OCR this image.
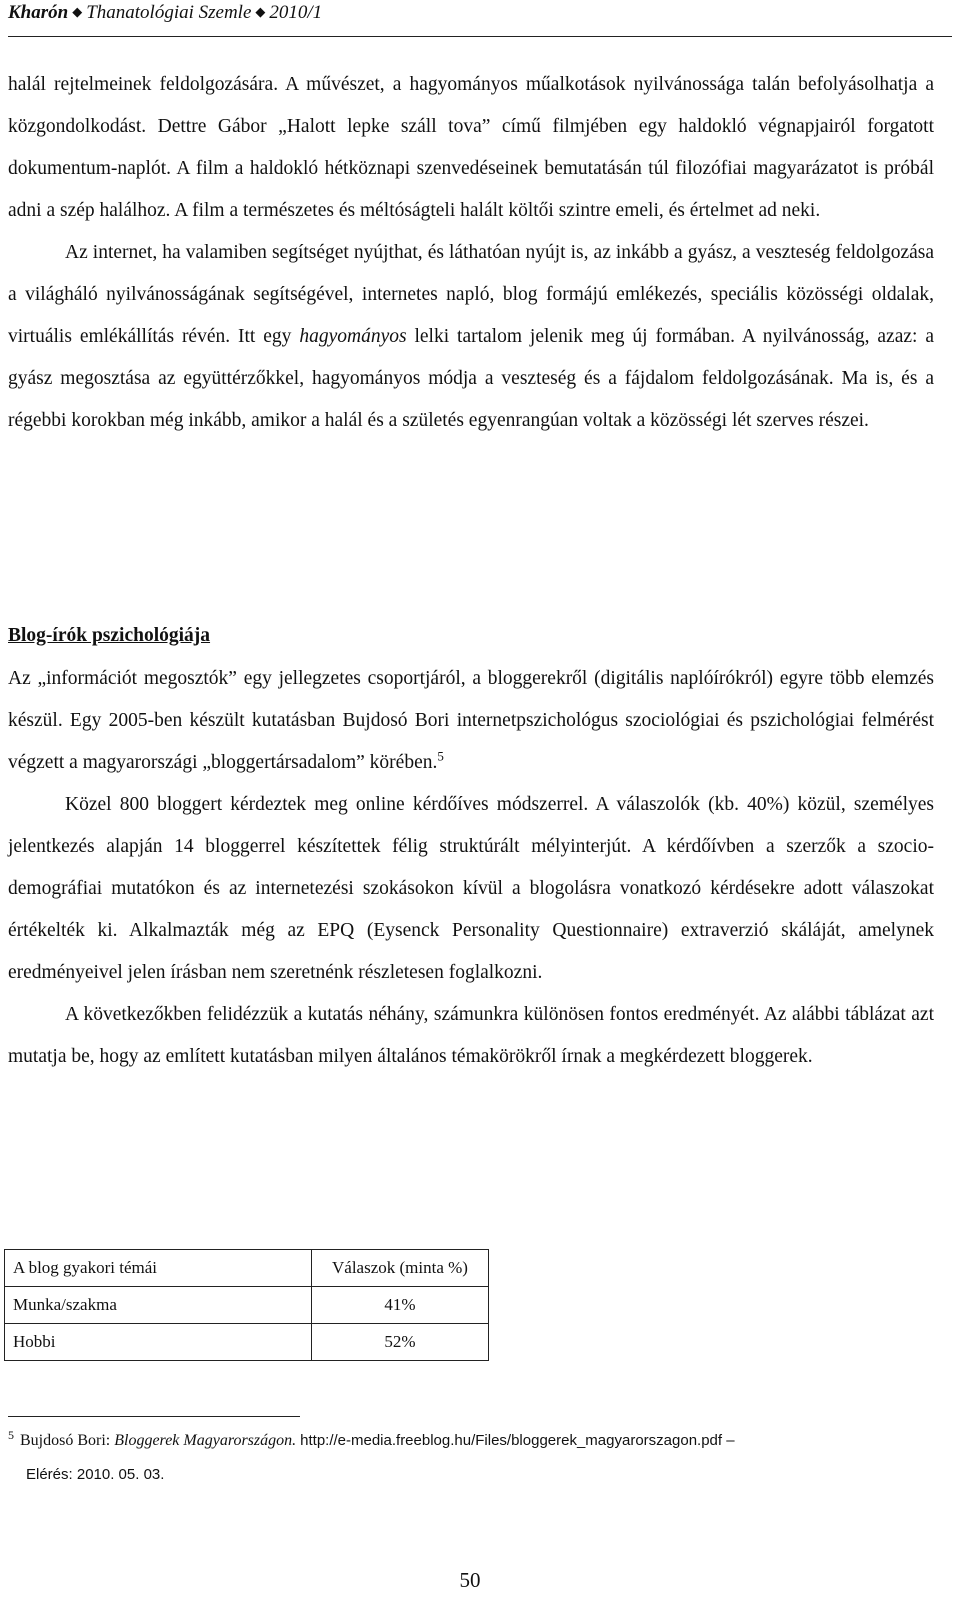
Kharón ◆ Thanatológiai Szemle ◆ 2010/1

halál rejtelmeinek feldolgozására. A művészet, a hagyományos műalkotások nyilvánossága talán befolyásolhatja a közgondolkodást. Dettre Gábor „Halott lepke száll tova” című filmjében egy haldokló végnapjairól forgatott dokumentum-naplót. A film a haldokló hétköznapi szenvedéseinek bemutatásán túl filozófiai magyarázatot is próbál adni a szép halálhoz. A film a természetes és méltóságteli halált költői szintre emeli, és értelmet ad neki.

Az internet, ha valamiben segítséget nyújthat, és láthatóan nyújt is, az inkább a gyász, a veszteség feldolgozása a világháló nyilvánosságának segítségével, internetes napló, blog formájú emlékezés, speciális közösségi oldalak, virtuális emlékállítás révén. Itt egy hagyományos lelki tartalom jelenik meg új formában. A nyilvánosság, azaz: a gyász megosztása az együttérzőkkel, hagyományos módja a veszteség és a fájdalom feldolgozásának. Ma is, és a régebbi korokban még inkább, amikor a halál és a születés egyenrangúan voltak a közösségi lét szerves részei.

Blog-írók pszichológiája

Az „információt megosztók” egy jellegzetes csoportjáról, a bloggerekről (digitális naplóírókról) egyre több elemzés készül. Egy 2005-ben készült kutatásban Bujdosó Bori internetpszichológus szociológiai és pszichológiai felmérést végzett a magyarországi „bloggertársadalom” körében.$^5$

Közel 800 bloggert kérdeztek meg online kérdőíves módszerrel. A válaszolók (kb. 40%) közül, személyes jelentkezés alapján 14 bloggerrel készítettek félig struktúrált mélyinterjút. A kérdőívben a szerzők a szocio-demográfiai mutatókon és az internetezési szokásokon kívül a blogolásra vonatkozó kérdésekre adott válaszokat értékelték ki. Alkalmazták még az EPQ (Eysenck Personality Questionnaire) extraverzió skáláját, amelynek eredményeivel jelen írásban nem szeretnénk részletesen foglalkozni.

A következőkben felidézzük a kutatás néhány, számunkra különösen fontos eredményét. Az alábbi táblázat azt mutatja be, hogy az említett kutatásban milyen általános témakörökről írnak a megkérdezett bloggerek.

A blog gyakori témái	Válaszok (minta %)
Munka/szakma	41%
Hobbi	52%
$^5$ Bujdosó Bori: Bloggerek Magyarországon. http://e-media.freeblog.hu/Files/bloggerek_magyarorszagon.pdf –
Elérés: 2010. 05. 03.
50
